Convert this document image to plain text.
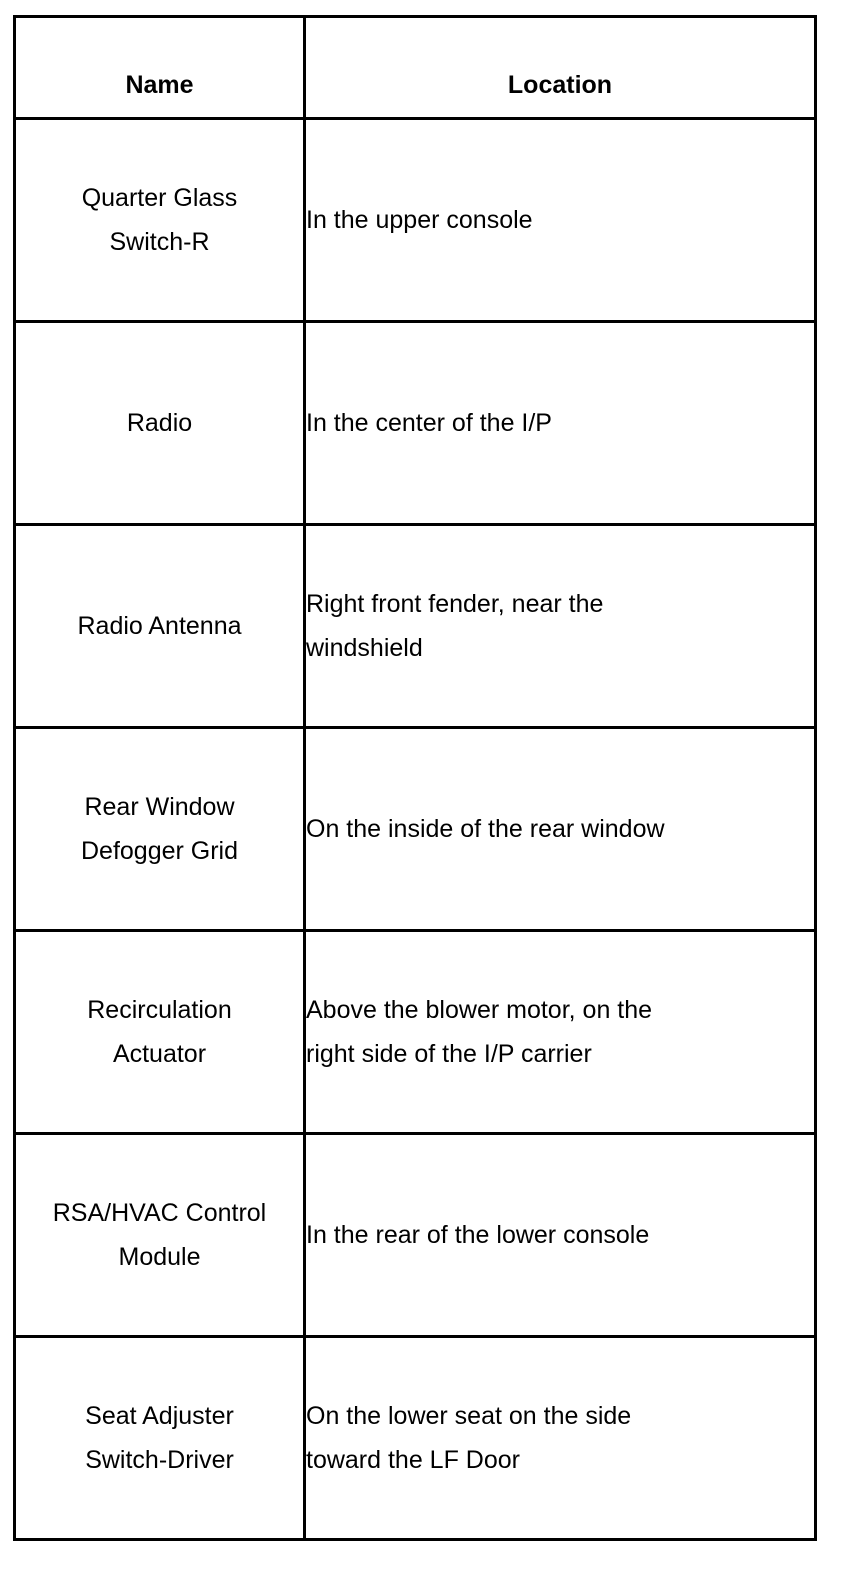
Name	Location

Quarter Glass
Switch-R	In the upper console

Radio	In the center of the I/P

Radio Antenna	Right front fender, near the
windshield

Rear Window
Defogger Grid	On the inside of the rear window

Recirculation
Actuator	Above the blower motor, on the
right side of the I/P carrier

RSA/HVAC Control
Module	In the rear of the lower console

Seat Adjuster
Switch-Driver	On the lower seat on the side
toward the LF Door
